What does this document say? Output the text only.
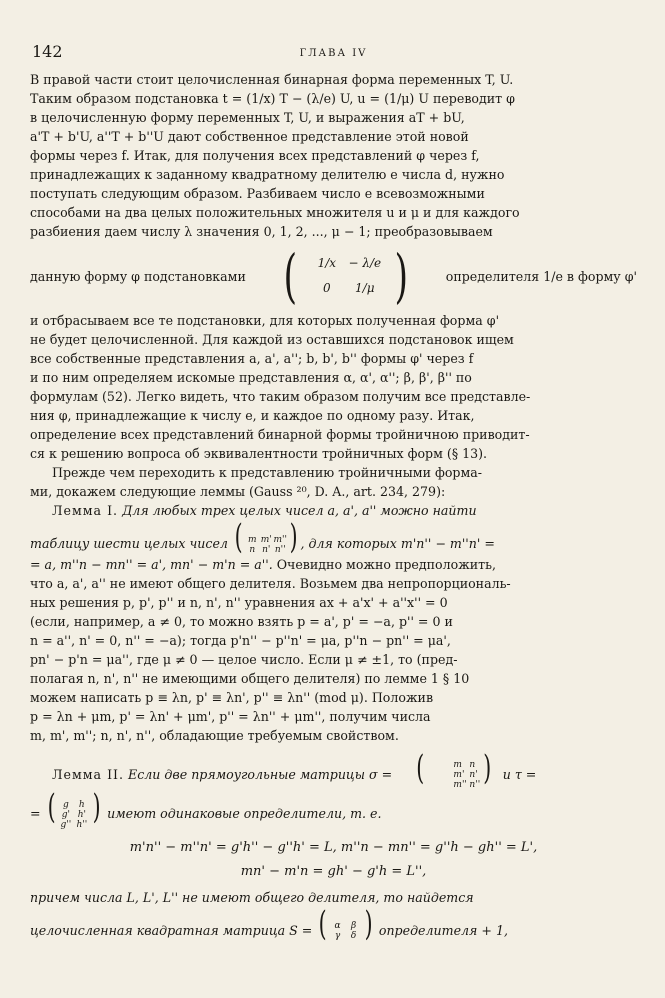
142	ГЛАВА IV

В правой части стоит целочисленная бинарная форма переменных T, U.

Таким образом подстановка t = (1/x) T − (λ/e) U, u = (1/μ) U переводит φ

в целочисленную форму переменных T, U, и выражения aT + bU,

a'T + b'U, a''T + b''U дают собственное представление этой новой

формы через f. Итак, для получения всех представлений φ через f,

принадлежащих к заданному квадратному делителю e числа d, нужно

поступать следующим образом. Разбиваем число e всевозможными

способами на два целых положительных множителя u и μ и для каждого

разбиения даем числу λ значения 0, 1, 2, ..., μ − 1; преобразовываем

данную форму φ подстановками (	1/x	− λ/e
0	1/μ )	определителя 1/e в форму φ'

и отбрасываем все те подстановки, для которых полученная форма φ'

не будет целочисленной. Для каждой из оставшихся подстановок ищем

все собственные представления a, a', a''; b, b', b'' формы φ' через f

и по ним определяем искомые представления α, α', α''; β, β', β'' по

формулам (52). Легко видеть, что таким образом получим все представле-

ния φ, принадлежащие к числу e, и каждое по одному разу. Итак,

определение всех представлений бинарной формы тройничною приводит-

ся к решению вопроса об эквивалентности тройничных форм (§ 13).

Прежде чем переходить к представлению тройничными форма-

ми, докажем следующие леммы (Gauss ²⁰, D. A., art. 234, 279):

Лемма I. Для любых трех целых чисел a, a', a'' можно найти

таблицу шести целых чисел ( m m' m''
n n' n'' ) , для которых m'n'' − m''n' =

= a, m''n − mn'' = a', mn' − m'n = a''. Очевидно можно предположить,

что a, a', a'' не имеют общего делителя. Возьмем два непропорциональ-

ных решения p, p', p'' и n, n', n'' уравнения ax + a'x' + a''x'' = 0

(если, например, a ≠ 0, то можно взять p = a', p' = −a, p'' = 0 и

n = a'', n' = 0, n'' = −a); тогда p'n'' − p''n' = μa, p''n − pn'' = μa',

pn' − p'n = μa'', где μ ≠ 0 — целое число. Если μ ≠ ±1, то (пред-

полагая n, n', n'' не имеющими общего делителя) по лемме 1 § 10

можем написать p ≡ λn, p' ≡ λn', p'' ≡ λn'' (mod μ). Положив

p = λn + μm, p' = λn' + μm', p'' = λn'' + μm'', получим числа

m, m', m''; n, n', n'', обладающие требуемым свойством.

Лемма II. Если две прямоугольные матрицы σ = (	m n
m' n'
m'' n'' ) и τ =

= ( g	h
g' h'
g'' h'' ) имеют одинаковые определители, т. е.

m'n'' − m''n' = g'h'' − g''h' = L, m''n − mn'' = g''h − gh'' = L',
mn' − m'n = gh' − g'h = L'',

причем числа L, L', L'' не имеют общего делителя, то найдется

целочисленная квадратная матрица S = ( α	β
γ	δ ) определителя + 1,
